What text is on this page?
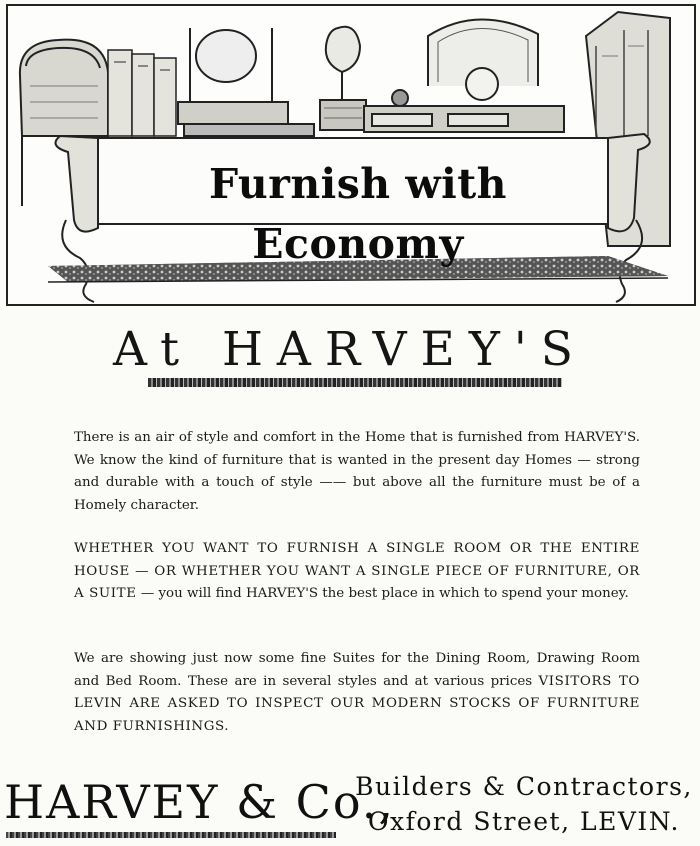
Furnish with Economy
At HARVEY'S
There is an air of style and comfort in the Home that is furnished from HARVEY'S. We know the kind of furniture that is wanted in the present day Homes — strong and durable with a touch of style —— but above all the furniture must be of a Homely character.
WHETHER YOU WANT TO FURNISH A SINGLE ROOM OR THE ENTIRE HOUSE — OR WHETHER YOU WANT A SINGLE PIECE OF FURNITURE, OR A SUITE — you will find HARVEY'S the best place in which to spend your money.
We are showing just now some fine Suites for the Dining Room, Drawing Room and Bed Room. These are in several styles and at various prices VISITORS TO LEVIN ARE ASKED TO INSPECT OUR MODERN STOCKS OF FURNITURE AND FURNISHINGS.
HARVEY & Co.,
Builders & Contractors,
Oxford Street, LEVIN.
